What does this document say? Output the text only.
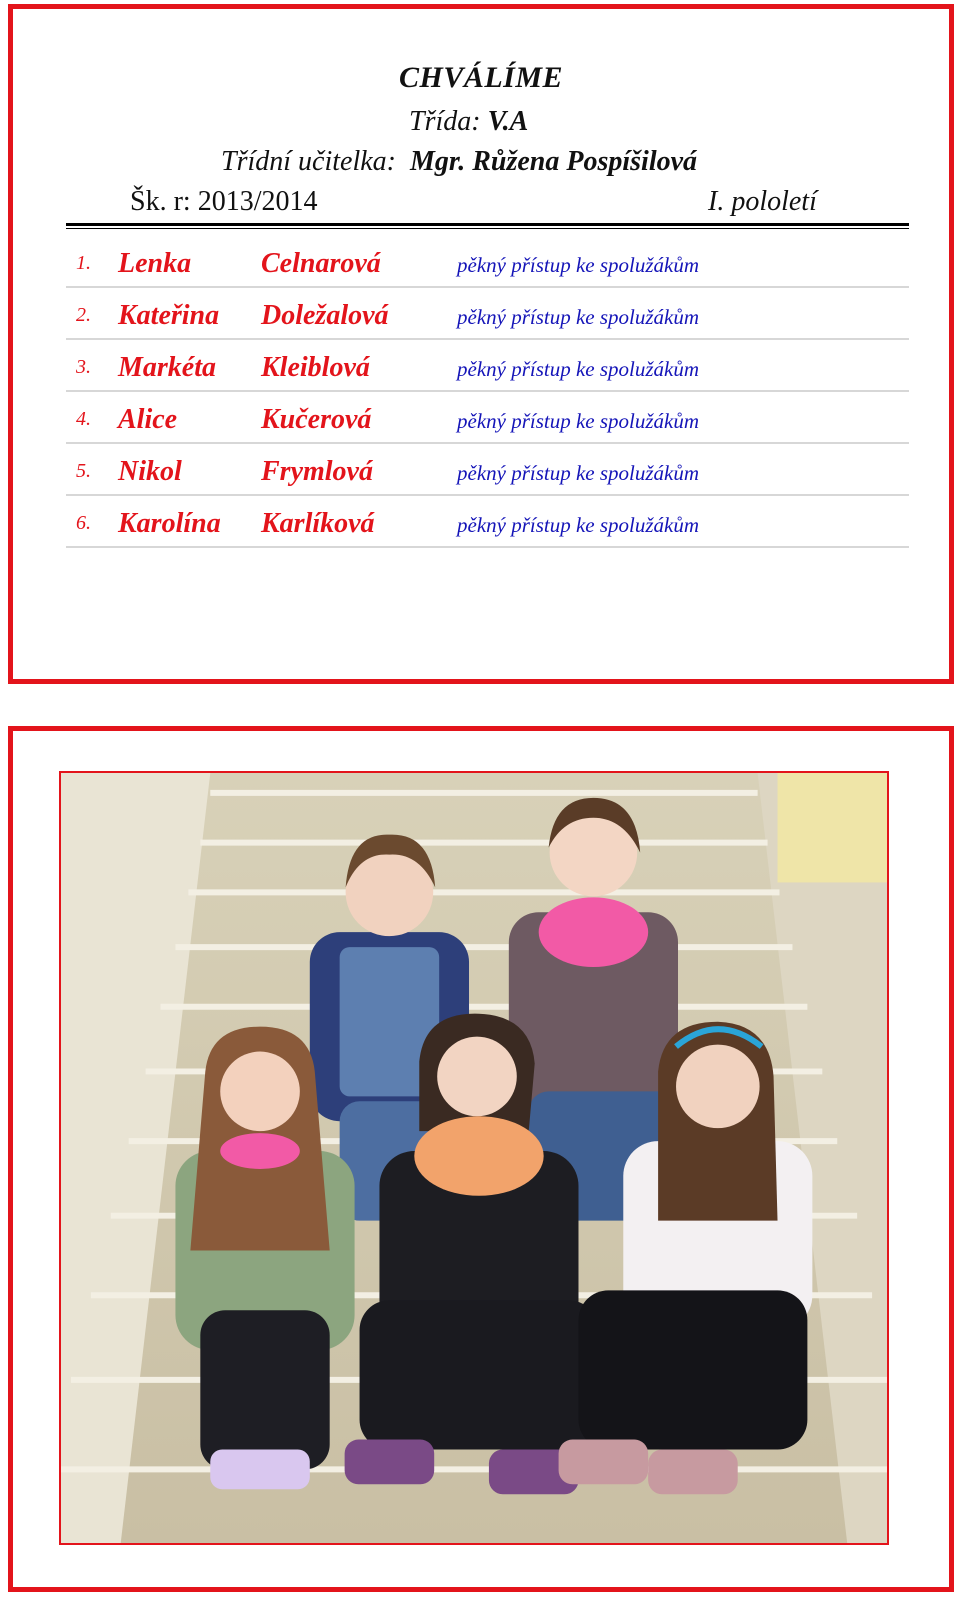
CHVÁLÍME
Třída: V.A
Třídní učitelka: Mgr. Růžena Pospíšilová
Šk. r: 2013/2014	I. pololetí
1. Lenka Celnarová	pěkný přístup ke spolužákům
2. Kateřina Doležalová	pěkný přístup ke spolužákům
3. Markéta Kleiblová	pěkný přístup ke spolužákům
4. Alice	Kučerová	pěkný přístup ke spolužákům
5. Nikol	Frymlová	pěkný přístup ke spolužákům
6. Karolína Karlíková	pěkný přístup ke spolužákům
